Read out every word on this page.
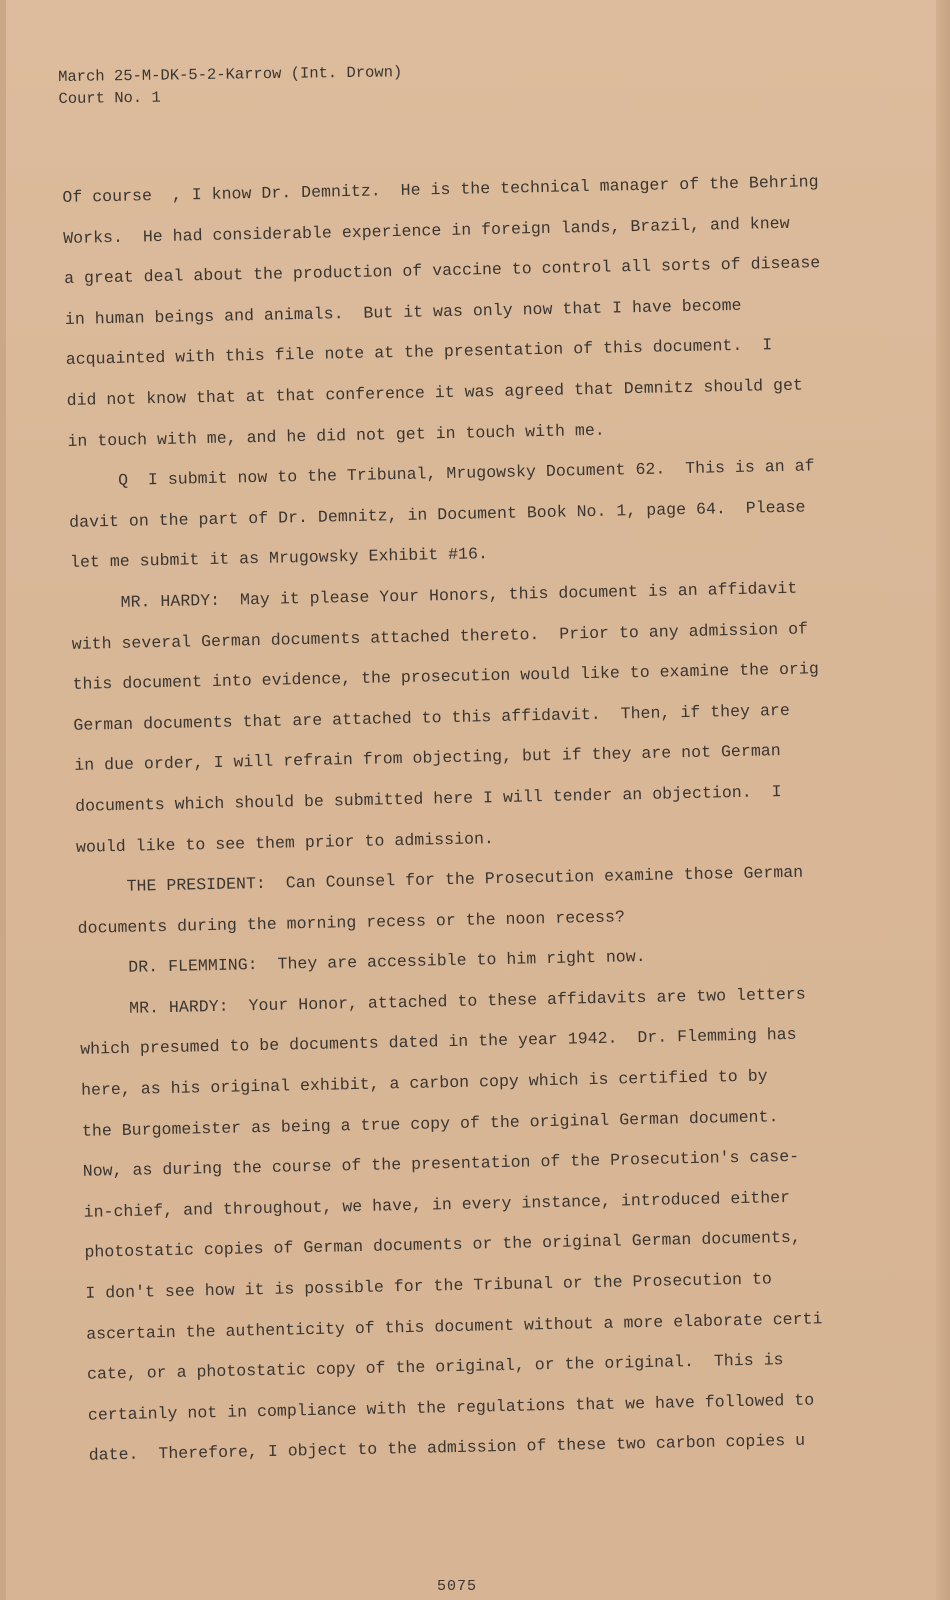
March 25-M-DK-5-2-Karrow (Int. Drown)
Court No. 1
Of course  , I know Dr. Demnitz.  He is the technical manager of the Behring
Works.  He had considerable experience in foreign lands, Brazil, and knew
a great deal about the production of vaccine to control all sorts of disease
in human beings and animals.  But it was only now that I have become
acquainted with this file note at the presentation of this document.  I
did not know that at that conference it was agreed that Demnitz should get
in touch with me, and he did not get in touch with me.
Q  I submit now to the Tribunal, Mrugowsky Document 62.  This is an af
davit on the part of Dr. Demnitz, in Document Book No. 1, page 64.  Please
let me submit it as Mrugowsky Exhibit #16.
MR. HARDY:  May it please Your Honors, this document is an affidavit
with several German documents attached thereto.  Prior to any admission of
this document into evidence, the prosecution would like to examine the orig
German documents that are attached to this affidavit.  Then, if they are
in due order, I will refrain from objecting, but if they are not German
documents which should be submitted here I will tender an objection.  I
would like to see them prior to admission.
THE PRESIDENT:  Can Counsel for the Prosecution examine those German
documents during the morning recess or the noon recess?
DR. FLEMMING:  They are accessible to him right now.
MR. HARDY:  Your Honor, attached to these affidavits are two letters
which presumed to be documents dated in the year 1942.  Dr. Flemming has
here, as his original exhibit, a carbon copy which is certified to by
the Burgomeister as being a true copy of the original German document.
Now, as during the course of the presentation of the Prosecution's case-
in-chief, and throughout, we have, in every instance, introduced either
photostatic copies of German documents or the original German documents,
I don't see how it is possible for the Tribunal or the Prosecution to
ascertain the authenticity of this document without a more elaborate certi
cate, or a photostatic copy of the original, or the original.  This is
certainly not in compliance with the regulations that we have followed to
date.  Therefore, I object to the admission of these two carbon copies u
5075
